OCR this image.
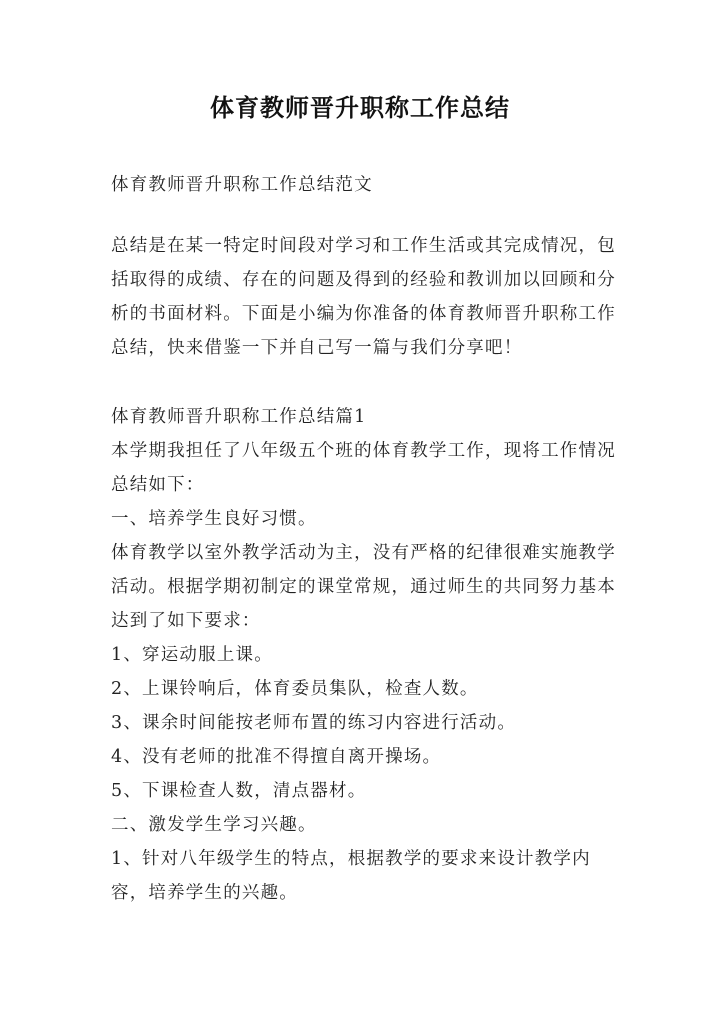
体育教师晋升职称工作总结

体育教师晋升职称工作总结范文

总结是在某一特定时间段对学习和工作生活或其完成情况，包括取得的成绩、存在的问题及得到的经验和教训加以回顾和分析的书面材料。下面是小编为你准备的体育教师晋升职称工作总结，快来借鉴一下并自己写一篇与我们分享吧！

体育教师晋升职称工作总结篇1

本学期我担任了八年级五个班的体育教学工作，现将工作情况总结如下：

一、培养学生良好习惯。

体育教学以室外教学活动为主，没有严格的纪律很难实施教学活动。根据学期初制定的课堂常规，通过师生的共同努力基本达到了如下要求：

1、穿运动服上课。

2、上课铃响后，体育委员集队，检查人数。

3、课余时间能按老师布置的练习内容进行活动。

4、没有老师的批准不得擅自离开操场。

5、下课检查人数，清点器材。

二、激发学生学习兴趣。

1、针对八年级学生的特点，根据教学的要求来设计教学内容，培养学生的兴趣。
